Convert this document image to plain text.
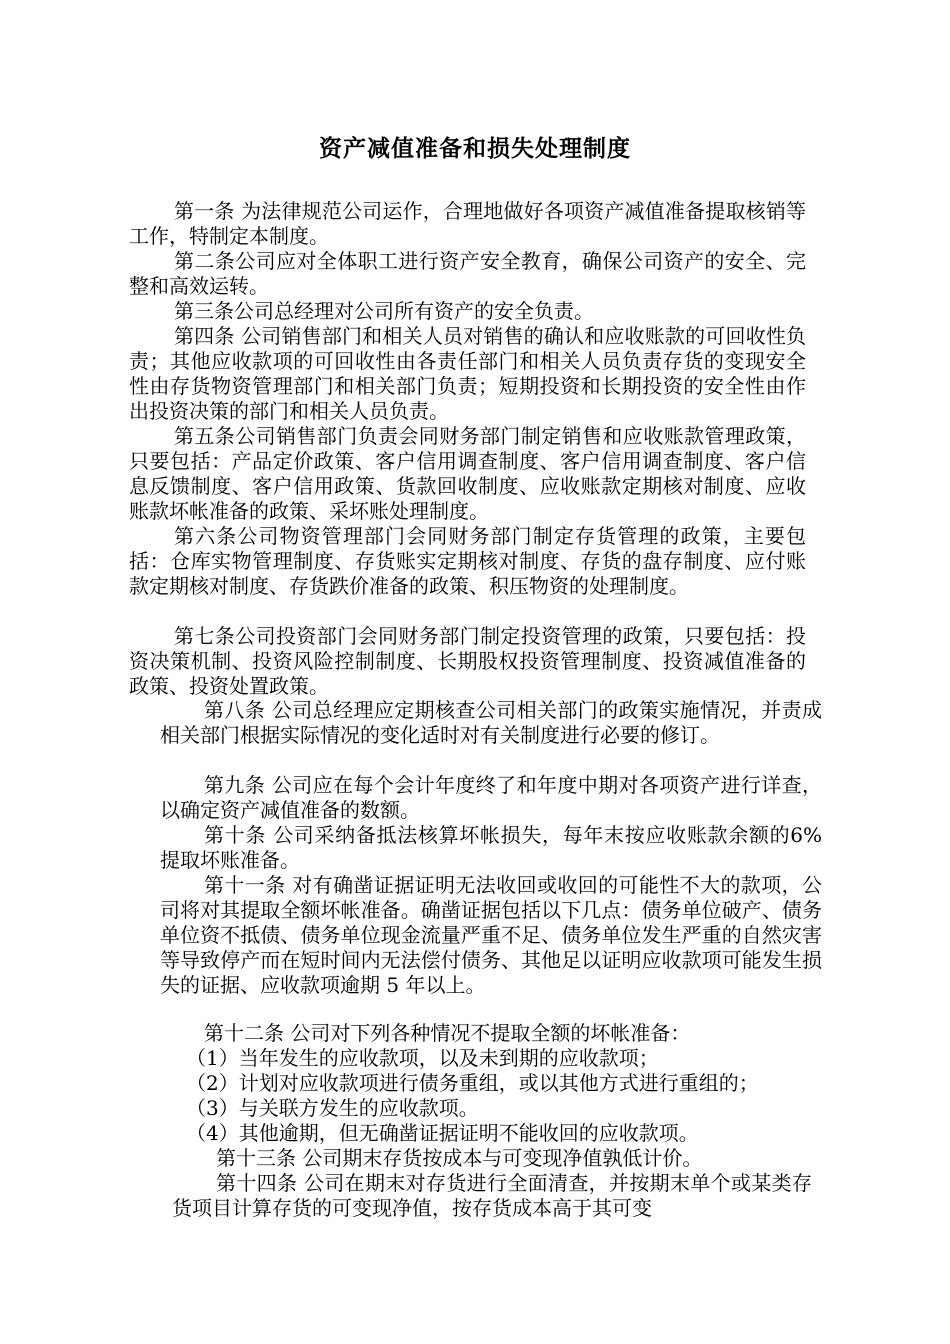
资产减值准备和损失处理制度

第一条 为法律规范公司运作，合理地做好各项资产减值准备提取核销等工作，特制定本制度。

第二条公司应对全体职工进行资产安全教育，确保公司资产的安全、完整和高效运转。

第三条公司总经理对公司所有资产的安全负责。

第四条 公司销售部门和相关人员对销售的确认和应收账款的可回收性负责；其他应收款项的可回收性由各责任部门和相关人员负责存货的变现安全性由存货物资管理部门和相关部门负责；短期投资和长期投资的安全性由作出投资决策的部门和相关人员负责。

第五条公司销售部门负责会同财务部门制定销售和应收账款管理政策，只要包括：产品定价政策、客户信用调查制度、客户信用调查制度、客户信息反馈制度、客户信用政策、货款回收制度、应收账款定期核对制度、应收账款坏帐准备的政策、采坏账处理制度。

第六条公司物资管理部门会同财务部门制定存货管理的政策，主要包括：仓库实物管理制度、存货账实定期核对制度、存货的盘存制度、应付账款定期核对制度、存货跌价准备的政策、积压物资的处理制度。

第七条公司投资部门会同财务部门制定投资管理的政策，只要包括：投资决策机制、投资风险控制制度、长期股权投资管理制度、投资减值准备的政策、投资处置政策。

第八条 公司总经理应定期核查公司相关部门的政策实施情况，并责成相关部门根据实际情况的变化适时对有关制度进行必要的修订。

第九条 公司应在每个会计年度终了和年度中期对各项资产进行详查，以确定资产减值准备的数额。

第十条 公司采纳备抵法核算坏帐损失，每年末按应收账款余额的6%提取坏账准备。

第十一条 对有确凿证据证明无法收回或收回的可能性不大的款项，公司将对其提取全额坏帐准备。确凿证据包括以下几点：债务单位破产、债务单位资不抵债、债务单位现金流量严重不足、债务单位发生严重的自然灾害等导致停产而在短时间内无法偿付债务、其他足以证明应收款项可能发生损失的证据、应收款项逾期 5 年以上。

第十二条 公司对下列各种情况不提取全额的坏帐准备：

（1）当年发生的应收款项，以及未到期的应收款项；

（2）计划对应收款项进行债务重组，或以其他方式进行重组的；

（3）与关联方发生的应收款项。

（4）其他逾期，但无确凿证据证明不能收回的应收款项。

第十三条 公司期末存货按成本与可变现净值孰低计价。

第十四条 公司在期末对存货进行全面清查，并按期末单个或某类存货项目计算存货的可变现净值，按存货成本高于其可变
